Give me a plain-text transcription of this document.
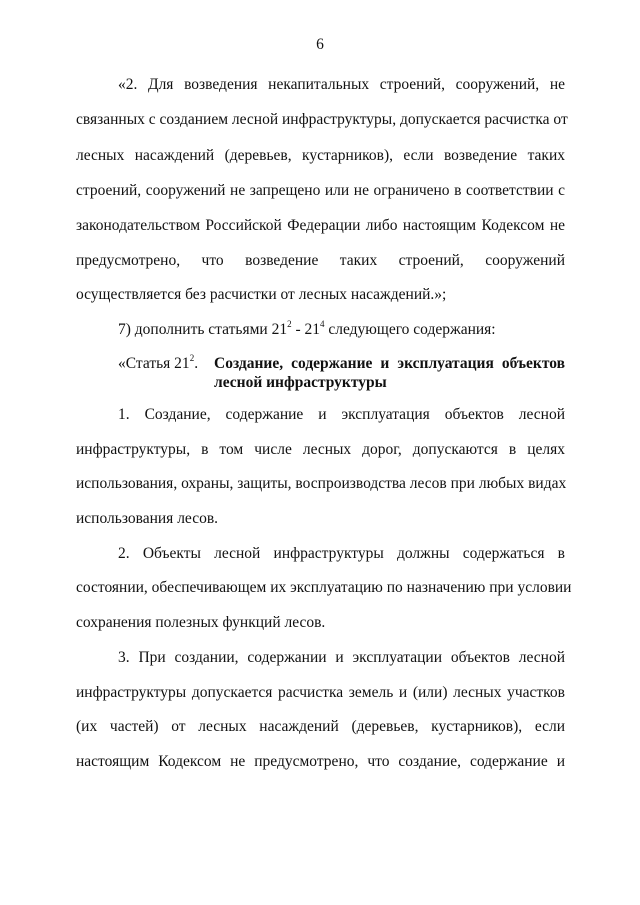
6
«2. Для возведения некапитальных строений, сооружений, не
связанных с созданием лесной инфраструктуры, допускается расчистка от
лесных насаждений (деревьев, кустарников), если возведение таких
строений, сооружений не запрещено или не ограничено в соответствии с
законодательством Российской Федерации либо настоящим Кодексом не
предусмотрено, что возведение таких строений, сооружений
осуществляется без расчистки от лесных насаждений.»;
7) дополнить статьями $21^2 - 21^4$ следующего содержания:
«Статья $21^2$. Создание, содержание и эксплуатация объектов
лесной инфраструктуры
1. Создание, содержание и эксплуатация объектов лесной
инфраструктуры, в том числе лесных дорог, допускаются в целях
использования, охраны, защиты, воспроизводства лесов при любых видах
использования лесов.
2. Объекты лесной инфраструктуры должны содержаться в
состоянии, обеспечивающем их эксплуатацию по назначению при условии
сохранения полезных функций лесов.
3. При создании, содержании и эксплуатации объектов лесной
инфраструктуры допускается расчистка земель и (или) лесных участков
(их частей) от лесных насаждений (деревьев, кустарников), если
настоящим Кодексом не предусмотрено, что создание, содержание и
